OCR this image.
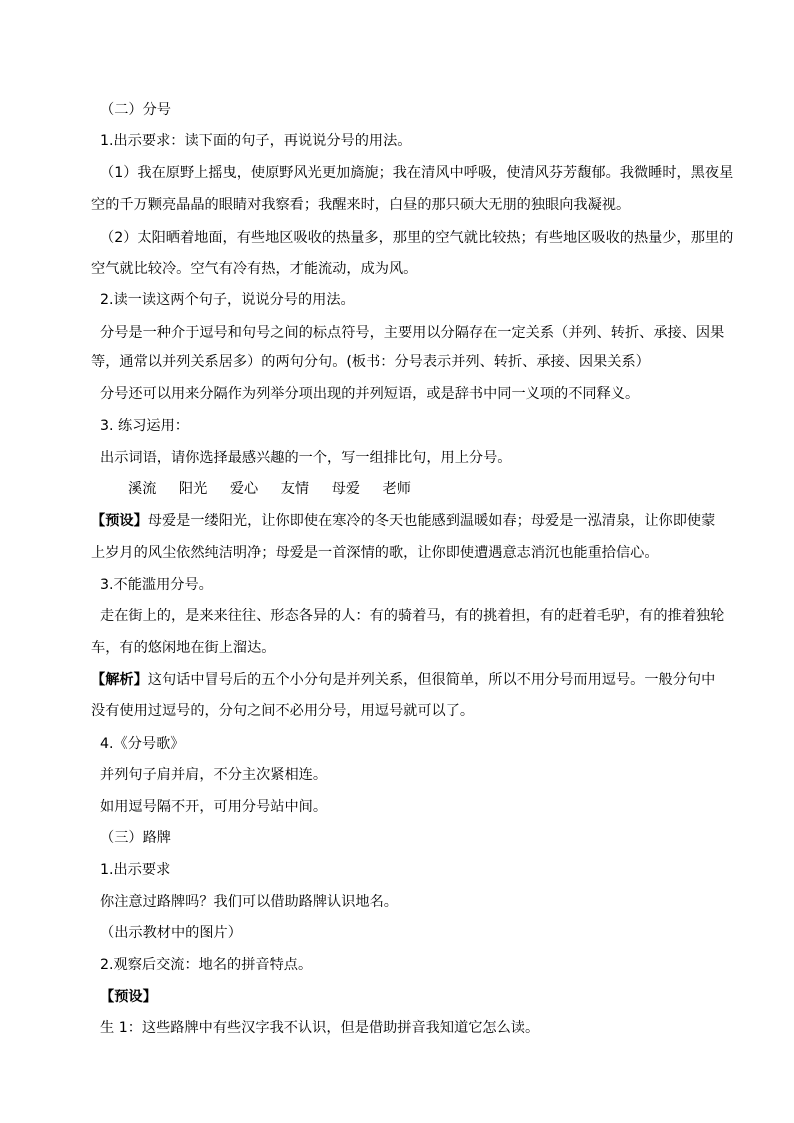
（二）分号
1.出示要求：读下面的句子，再说说分号的用法。
（1）我在原野上摇曳，使原野风光更加旖旎；我在清风中呼吸，使清风芬芳馥郁。我微睡时，黑夜星
空的千万颗亮晶晶的眼睛对我察看；我醒来时，白昼的那只硕大无朋的独眼向我凝视。
（2）太阳晒着地面，有些地区吸收的热量多，那里的空气就比较热；有些地区吸收的热量少，那里的
空气就比较冷。空气有冷有热，才能流动，成为风。
2.读一读这两个句子，说说分号的用法。
分号是一种介于逗号和句号之间的标点符号，主要用以分隔存在一定关系（并列、转折、承接、因果
等，通常以并列关系居多）的两句分句。(板书：分号表示并列、转折、承接、因果关系）
分号还可以用来分隔作为列举分项出现的并列短语，或是辞书中同一义项的不同释义。
3. 练习运用：
出示词语，请你选择最感兴趣的一个，写一组排比句，用上分号。
溪流 阳光 爱心 友情 母爱 老师
【预设】母爱是一缕阳光，让你即使在寒冷的冬天也能感到温暖如春；母爱是一泓清泉，让你即使蒙
上岁月的风尘依然纯洁明净；母爱是一首深情的歌，让你即使遭遇意志消沉也能重拾信心。
3.不能滥用分号。
走在街上的，是来来往往、形态各异的人：有的骑着马，有的挑着担，有的赶着毛驴，有的推着独轮
车，有的悠闲地在街上溜达。
【解析】这句话中冒号后的五个小分句是并列关系，但很简单，所以不用分号而用逗号。一般分句中
没有使用过逗号的，分句之间不必用分号，用逗号就可以了。
4.《分号歌》
并列句子肩并肩，不分主次紧相连。
如用逗号隔不开，可用分号站中间。
（三）路牌
1.出示要求
你注意过路牌吗？我们可以借助路牌认识地名。
（出示教材中的图片）
2.观察后交流：地名的拼音特点。
【预设】
生 1：这些路牌中有些汉字我不认识，但是借助拼音我知道它怎么读。
